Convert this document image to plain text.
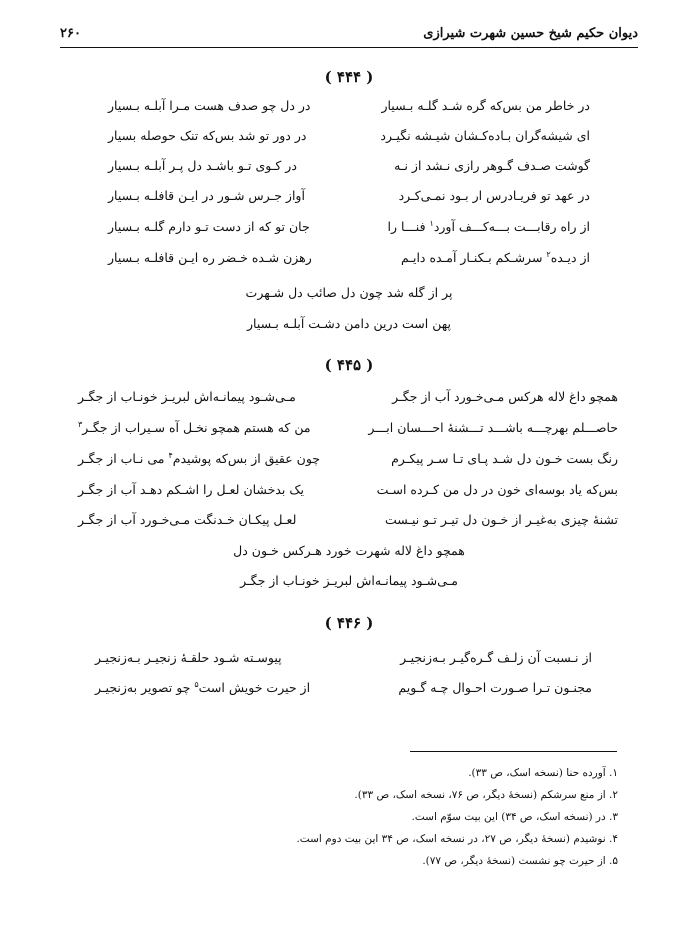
دیوان حکیم شیخ حسین شهرت شیرازی
۲۶۰
( ۴۴۴ )
در خاطر من بس‌که گره شـد گلـه بـسیار
در دل چو صدف هست مـرا آبلـه بـسیار
ای شیشه‌گران بـاده‌کـشان شیـشه نگیـرد
در دور تو شد بس‌که تنک حوصله بسیار
گوشت صـدف گـوهر رازی نـشد از نـه
در کـوی تـو باشـد دل پـر آبلـه بـسیار
در عهد تو فریـادرس ار بـود نمـی‌کـرد
آواز جـرس شـور در ایـن قافلـه بـسیار
از راه رقابـــت بـــه‌کـــف آورد$^۱$ فنـــا را
جان تو که از دست تـو دارم گلـه بـسیار
از دیـده$^۲$ سرشـکم بـکنـار آمـده دایـم
رهزن شـده خـضر ره ایـن قافلـه بـسیار
پر از گله شد چون دل صائب دل شـهرت
پهن است درین دامن دشـت آبلـه بـسیار
( ۴۴۵ )
همچو داغ لاله هرکس مـی‌خـورد آب از جگـر
مـی‌شـود پیمانـه‌اش لبریـز خونـاب از جگـر
حاصـــلم بهرچـــه باشـــد تـــشنهٔ احـــسان ابـــر
من که هستم همچو نخـل آه سـیراب از جگـر$^۳$
رنگ بست خـون دل شـد پـای تـا سـر پیکـرم
چون عقیق از بس‌که پوشیدم$^۴$ می نـاب از جگـر
بس‌که یاد بوسه‌ای خون در دل من کـرده اسـت
یک بدخشان لعـل را اشـکم دهـد آب از جگـر
تشنهٔ چیزی به‌غیـر از خـون دل تیـر تـو نیـست
لعـل پیکـان خـدنگت مـی‌خـورد آب از جگـر
همچو داغ لاله شهرت خورد هـرکس خـون دل
مـی‌شـود پیمانـه‌اش لبریـز خونـاب از جگـر
( ۴۴۶ )
از نـسبت آن زلـف گـره‌گیـر بـه‌زنجیـر
پیوسـته شـود حلقـهٔ زنجیـر بـه‌زنجیـر
مجنـون تـرا صـورت احـوال چـه گـویم
از حیرت خویش است$^۵$ چو تصویر به‌زنجیـر
۱. آورده حنا (نسخه اسک، ص ۳۳).
۲. از منع سرشکم (نسخهٔ دیگر، ص ۷۶، نسخه اسک، ص ۳۳).
۳. در (نسخه اسک، ص ۳۴) این بیت سوّم است.
۴. نوشیدم (نسخهٔ دیگر، ص ۲۷، در نسخه اسک، ص ۳۴ این بیت دوم است.
۵. از حیرت چو نشست (نسخهٔ دیگر، ص ۷۷).
